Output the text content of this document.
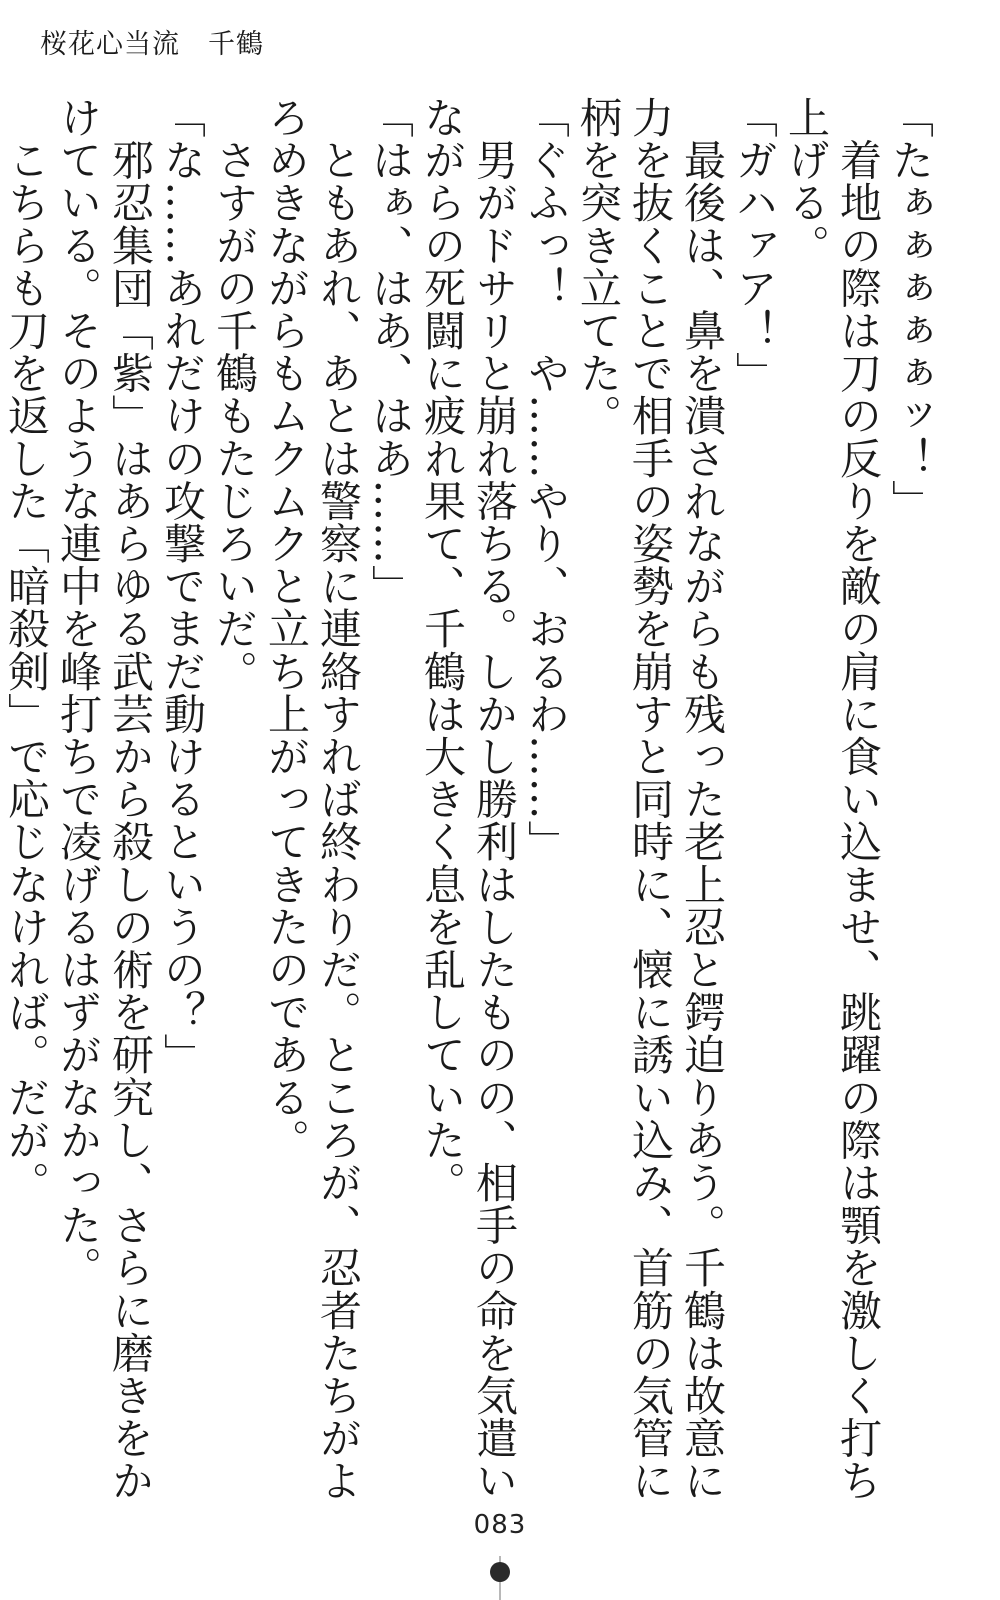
桜花心当流　千鶴

「たぁぁぁぁぁッ！」

　着地の際は刀の反りを敵の肩に食い込ませ、跳躍の際は顎を激しく打ち上げる。

「ガハァア！」

　最後は、鼻を潰されながらも残った老上忍と鍔迫りあう。千鶴は故意に力を抜くことで相手の姿勢を崩すと同時に、懐に誘い込み、首筋の気管に柄を突き立てた。

「ぐふっ！　や……やり、おるわ……」

　男がドサリと崩れ落ちる。しかし勝利はしたものの、相手の命を気遣いながらの死闘に疲れ果て、千鶴は大きく息を乱していた。

「はぁ、はあ、はあ……」

　ともあれ、あとは警察に連絡すれば終わりだ。ところが、忍者たちがよろめきながらもムクムクと立ち上がってきたのである。

　さすがの千鶴もたじろいだ。

「な……あれだけの攻撃でまだ動けるというの？」

　邪忍集団「紫」はあらゆる武芸から殺しの術を研究し、さらに磨きをかけている。そのような連中を峰打ちで凌げるはずがなかった。

　こちらも刀を返した「暗殺剣」で応じなければ。だが。

083
